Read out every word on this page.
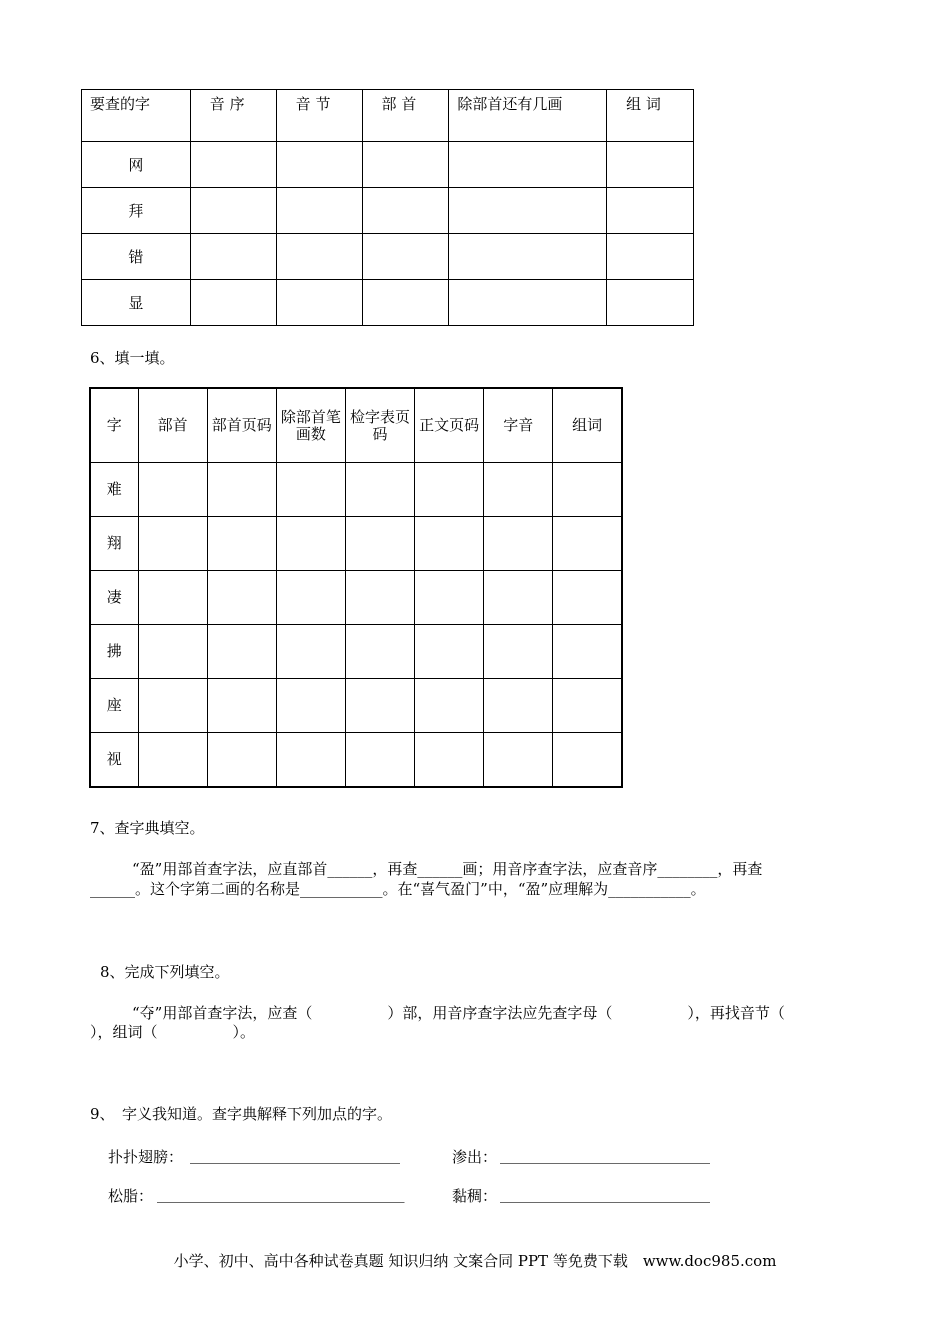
要查的字	音 序	音 节	部 首	除部首还有几画	组 词
网					
拜					
错					
显					
6、填一填。
字	部首	部首页码	除部首笔画数	检字表页码	正文页码	字音	组词
难							
翔							
凄							
拂							
座							
视							
7、查字典填空。
“盈”用部首查字法，应直部首______，再查______画；用音序查字法，应查音序________，再查
______。这个字第二画的名称是___________。在“喜气盈门”中，“盈”应理解为___________。
8、完成下列填空。
“夺”用部首查字法，应查（　　　　　）部，用音序查字法应先查字母（　　　　　），再找音节（
），组词（　　　　　）。
9、　字义我知道。查字典解释下列加点的字。
扑扑翅膀： ____________________________	渗出： ____________________________
松脂： _________________________________	黏稠： ____________________________
小学、初中、高中各种试卷真题 知识归纳 文案合同 PPT 等免费下载　www.doc985.com
